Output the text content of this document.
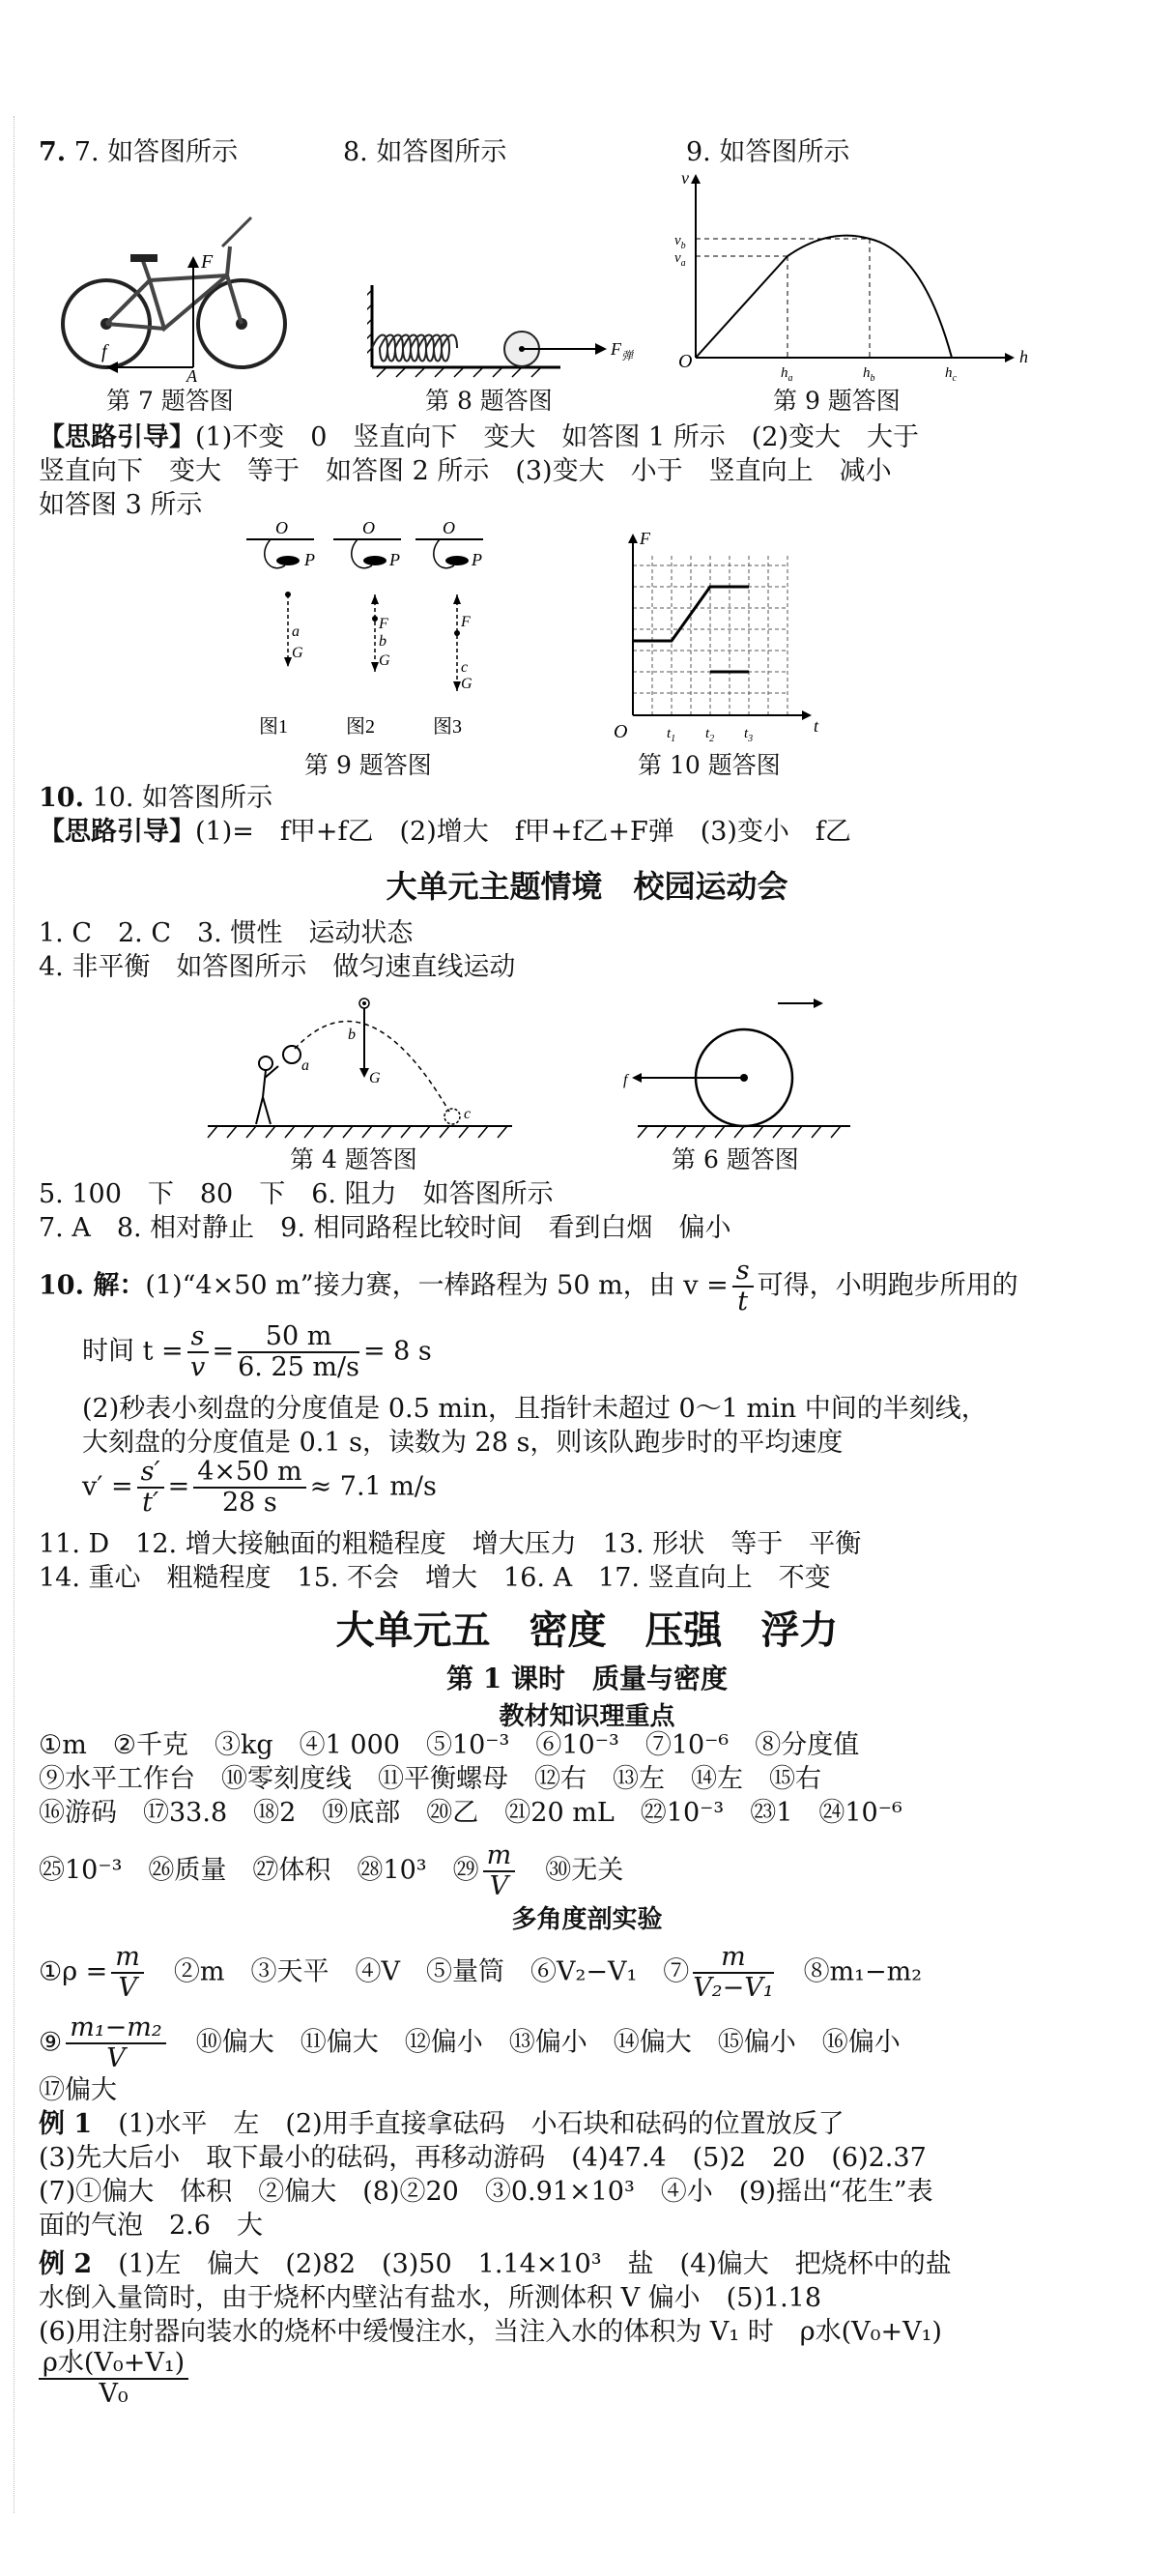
7. 7. 如答图所示	8. 如答图所示	9. 如答图所示
F
f
A
$F_弹$
v
h
O
$v_b$
$v_a$
$h_a$	$h_b$	$h_c$
第 7 题答图	第 8 题答图	第 9 题答图
【思路引导】(1)不变　0　竖直向下　变大　如答图 1 所示　(2)变大　大于
竖直向下　变大　等于　如答图 2 所示　(3)变大　小于　竖直向上　减小
如答图 3 所示
O	O	O
P	P	P
a
G
F
b
G
F
c
G
图1	图2	图3
F
O	t
$t_1$ $t_2$ $t_3$
第 9 题答图	第 10 题答图
10. 10. 如答图所示
【思路引导】(1)=　f甲+f乙　(2)增大　f甲+f乙+F弹　(3)变小　f乙
大单元主题情境　校园运动会
1. C　2. C　3. 惯性　运动状态
4. 非平衡　如答图所示　做匀速直线运动
a
b
G
c
f
第 4 题答图	第 6 题答图
5. 100　下　80　下　6. 阻力　如答图所示
7. A　8. 相对静止　9. 相同路程比较时间　看到白烟　偏小
10. 解：(1)“4×50 m”接力赛，一棒路程为 50 m，由 $v = \frac{s}{t}$ 可得，小明跑步所用的
时间 $t = \frac{s}{v} = \frac{50 m}{6. 25 m/s} = 8$ s
(2)秒表小刻盘的分度值是 0.5 min，且指针未超过 0～1 min 中间的半刻线，
大刻盘的分度值是 0.1 s，读数为 28 s，则该队跑步时的平均速度
$v' = \frac{s'}{t'} = \frac{4\times 50 m}{28 s} \approx 7.1$ m/s
11. D　12. 增大接触面的粗糙程度　增大压力　13. 形状　等于　平衡
14. 重心　粗糙程度　15. 不会　增大　16. A　17. 竖直向上　不变
大单元五　密度　压强　浮力
第 1 课时　质量与密度
教材知识理重点
①m　②千克　③kg　④1 000　⑤10⁻³　⑥10⁻³　⑦10⁻⁶　⑧分度值
⑨水平工作台　⑩零刻度线　⑪平衡螺母　⑫右　⑬左　⑭左　⑮右
⑯游码　⑰33.8　⑱2　⑲底部　⑳乙　㉑20 mL　㉒10⁻³　㉓1　㉔10⁻⁶
㉕10⁻³　㉖质量　㉗体积　㉘10³　㉙ $\frac{m}{V}$
　 ㉚无关
多角度剖实验
①ρ = $\frac{m}{V}$
　 ②m　③天平　④V　⑤量筒　⑥V₂−V₁　⑦ $\frac{m}{\text{V₂−V₁}}$
　 ⑧m₁−m₂
⑨ $\frac{\text{m₁−m₂}}{V}$
　 ⑩偏大　⑪偏大　⑫偏小　⑬偏小　⑭偏大　⑮偏小　⑯偏小
⑰偏大
例 1　 (1)水平　左　(2)用手直接拿砝码　小石块和砝码的位置放反了
(3)先大后小　取下最小的砝码，再移动游码　(4)47.4　(5)2　20　(6)2.37
(7)①偏大　体积　②偏大　(8)②20　③0.91×10³　④小　(9)摇出“花生”表
面的气泡　2.6　大
例 2　 (1)左　偏大　(2)82　(3)50　1.14×10³　盐　(4)偏大　把烧杯中的盐
水倒入量筒时，由于烧杯内壁沾有盐水，所测体积 V 偏小　(5)1.18
(6)用注射器向装水的烧杯中缓慢注水，当注入水的体积为 V₁ 时　ρ水(V₀+V₁)
$\frac{\text{ρ水(V₀+V₁)}}{\text{V₀}}$
